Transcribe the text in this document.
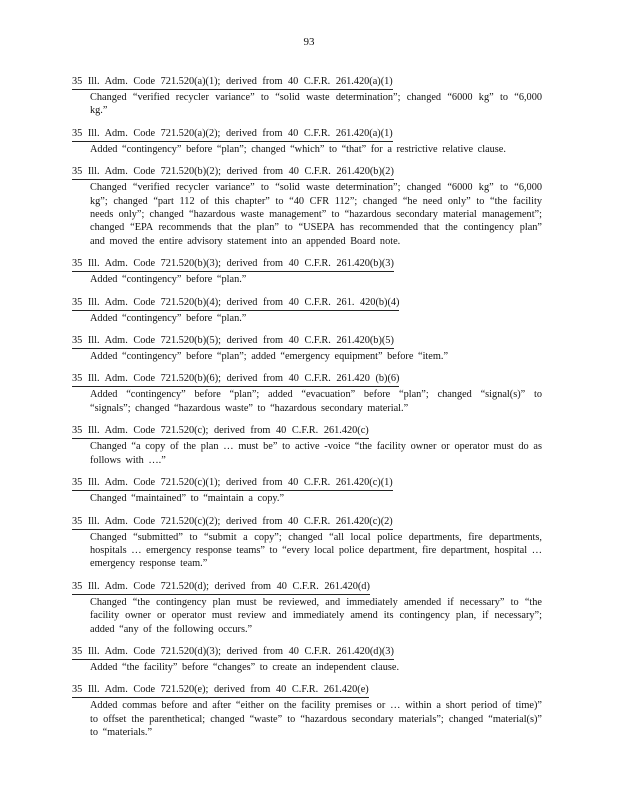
93
35 Ill. Adm. Code 721.520(a)(1); derived from 40 C.F.R. 261.420(a)(1)
Changed “verified recycler variance” to “solid waste determination”; changed “6000 kg” to “6,000 kg.”
35 Ill. Adm. Code 721.520(a)(2); derived from 40 C.F.R. 261.420(a)(1)
Added “contingency” before “plan”; changed “which” to “that” for a restrictive relative clause.
35 Ill. Adm. Code 721.520(b)(2); derived from 40 C.F.R. 261.420(b)(2)
Changed “verified recycler variance” to “solid waste determination”; changed “6000 kg” to “6,000 kg”; changed “part 112 of this chapter” to “40 CFR 112”; changed “he need only” to “the facility needs only”; changed “hazardous waste management” to “hazardous secondary material management”; changed “EPA recommends that the plan” to “USEPA has recommended that the contingency plan” and moved the entire advisory statement into an appended Board note.
35 Ill. Adm. Code 721.520(b)(3); derived from 40 C.F.R. 261.420(b)(3)
Added “contingency” before “plan.”
35 Ill. Adm. Code 721.520(b)(4); derived from 40 C.F.R. 261. 420(b)(4)
Added “contingency” before “plan.”
35 Ill. Adm. Code 721.520(b)(5); derived from 40 C.F.R. 261.420(b)(5)
Added “contingency” before “plan”; added “emergency equipment” before “item.”
35 Ill. Adm. Code 721.520(b)(6); derived from 40 C.F.R. 261.420 (b)(6)
Added “contingency” before “plan”; added “evacuation” before “plan”; changed “signal(s)” to “signals”; changed “hazardous waste” to “hazardous secondary material.”
35 Ill. Adm. Code 721.520(c); derived from 40 C.F.R. 261.420(c)
Changed “a copy of the plan … must be” to active -voice “the facility owner or operator must do as follows with ….”
35 Ill. Adm. Code 721.520(c)(1); derived from 40 C.F.R. 261.420(c)(1)
Changed “maintained” to “maintain a copy.”
35 Ill. Adm. Code 721.520(c)(2); derived from 40 C.F.R. 261.420(c)(2)
Changed “submitted” to “submit a copy”; changed “all local police departments, fire departments, hospitals … emergency response teams” to “every local police department, fire department, hospital … emergency response team.”
35 Ill. Adm. Code 721.520(d); derived from 40 C.F.R. 261.420(d)
Changed “the contingency plan must be reviewed, and immediately amended if necessary” to “the facility owner or operator must review and immediately amend its contingency plan, if necessary”; added “any of the following occurs.”
35 Ill. Adm. Code 721.520(d)(3); derived from 40 C.F.R. 261.420(d)(3)
Added “the facility” before “changes” to create an independent clause.
35 Ill. Adm. Code 721.520(e); derived from 40 C.F.R. 261.420(e)
Added commas before and after “either on the facility premises or … within a short period of time)” to offset the parenthetical; changed “waste” to “hazardous secondary materials”; changed “material(s)” to “materials.”
